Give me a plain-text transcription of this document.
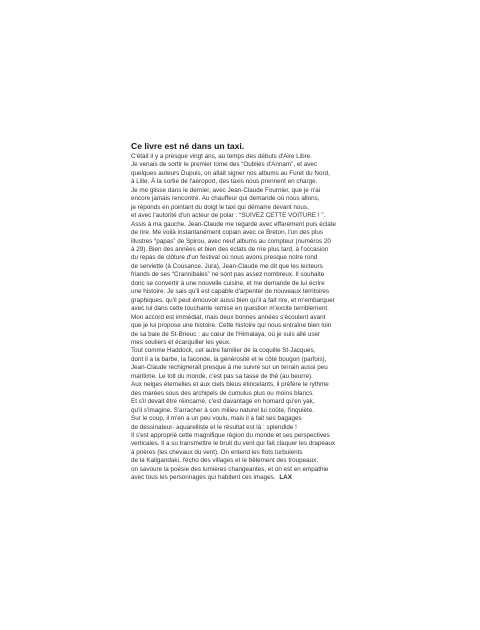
Ce livre est né dans un taxi.
C'était il y a presque vingt ans, au temps des débuts d'Aire Libre.
Je venais de sortir le premier tome des “Oubliés d'Annam”, et avec
quelques auteurs Dupuis, on allait signer nos albums au Furet du Nord,
à Lille. À la sortie de l'aéroport, des taxis nous prennent en charge.
Je me glisse dans le dernier, avec Jean-Claude Fournier, que je n'ai
encore jamais rencontré. Au chauffeur qui demande où nous allons,
je réponds en pointant du doigt le taxi qui démarre devant nous,
et avec l'autorité d'un acteur de polar : “SUIVEZ CETTE VOITURE ! ”.
Assis à ma gauche, Jean-Claude me regarde avec effarement puis éclate
de rire. Me voilà instantanément copain avec ce Breton, l'un des plus
illustres “papas” de Spirou, avec neuf albums au compteur (numéros 20
à 29). Bien des années et bien des éclats de rire plus tard, à l'occasion
du repas de clôture d'un festival où nous avons presque notre rond
de serviette (à Cousance, Jura), Jean-Claude me dit que les lecteurs
friands de ses “Crannibales” ne sont pas assez nombreux. Il souhaite
donc se convertir à une nouvelle cuisine, et me demande de lui écrire
une histoire. Je sais qu'il est capable d'arpenter de nouveaux territoires
graphiques, qu'il peut émouvoir aussi bien qu'il a fait rire, et m'embarquer
avec lui dans cette touchante remise en question m'excite terriblement.
Mon accord est immédiat, mais deux bonnes années s'écoulent avant
que je lui propose une histoire. Cette histoire qui nous entraîne bien loin
de sa baie de St-Brieuc : au cœur de l'Himalaya, où je suis allé user
mes souliers et écarquiller les yeux.
Tout comme Haddock, cet autre familier de la coquille St-Jacques,
dont il a la barbe, la faconde, la générosité et le côté bougon (parfois),
Jean-Claude rechignerait presque à me suivre sur un terrain aussi peu
maritime. Le toit du monde, c'est pas sa tasse de thé (au beurre).
Aux neiges éternelles et aux ciels bleus étincelants, il préfère le rythme
des marées sous des archipels de cumulus plus ou moins blancs.
Et s'il devait être réincarné, c'est davantage en homard qu'en yak,
qu'il s'imagine. S'arracher à son milieu naturel lui coûte, l'inquiète.
Sur le coup, il m'en a un peu voulu, mais il a fait ses bagages
de dessinateur- aquarelliste et le résultat est là : splendide !
Il s'est approprié cette magnifique région du monde et ses perspectives
verticales. Il a su transmettre le bruit du vent qui fait claquer les drapeaux
à prières (les chevaux du vent). On entend les flots turbulents
de la Kaligandaki, l'écho des villages et le bêlement des troupeaux,
on savoure la poésie des lumières changeantes, et on est en empathie
avec tous les personnages qui habitent ces images. LAX
